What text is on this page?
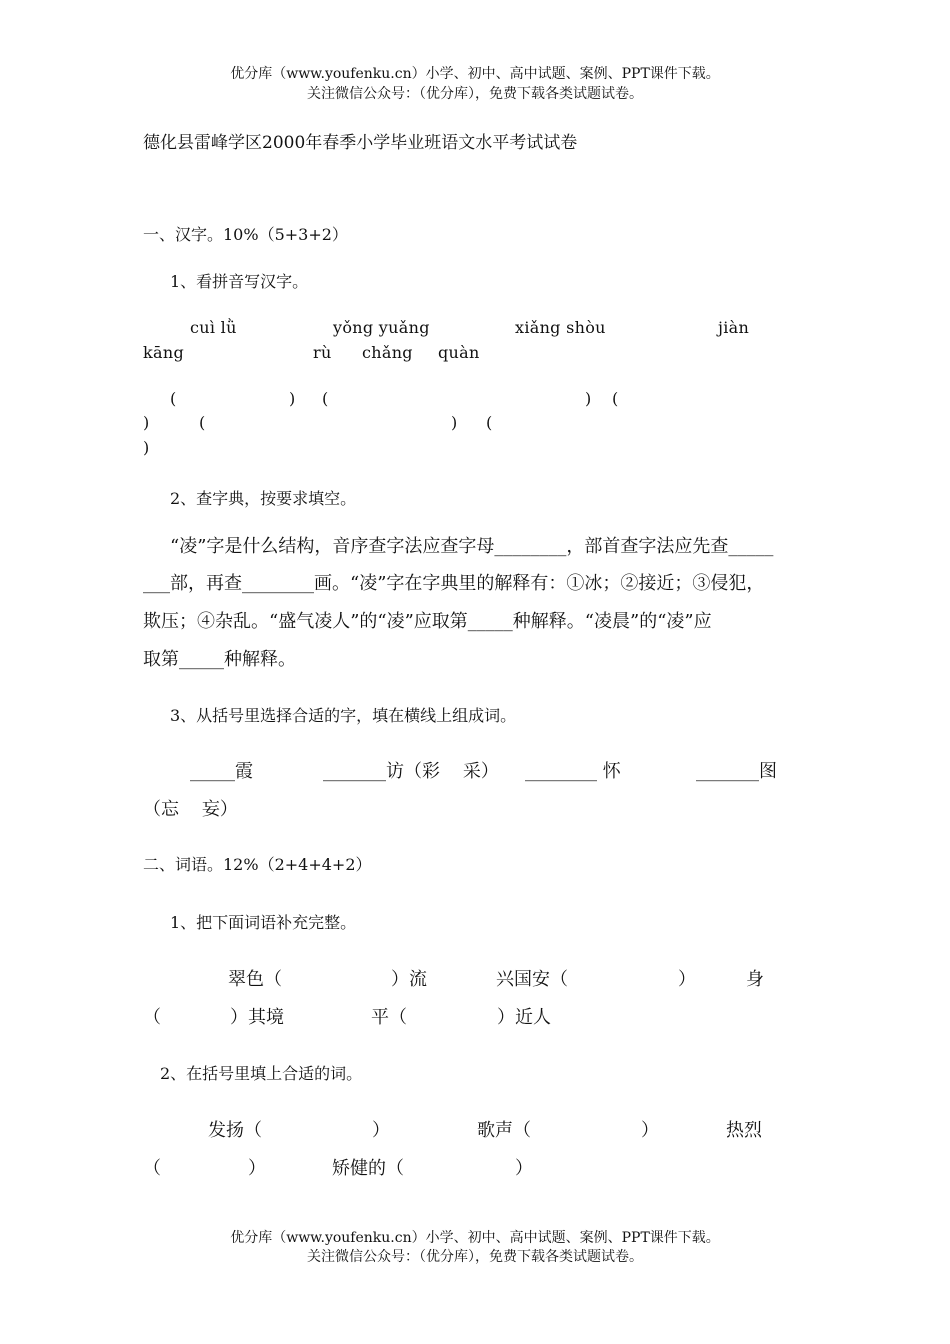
优分库（www.youfenku.cn）小学、初中、高中试题、案例、PPT课件下载。
关注微信公众号：（优分库），免费下载各类试题试卷。
德化县雷峰学区2000年春季小学毕业班语文水平考试试卷
一、汉字。10%（5+3+2）
1、看拼音写汉字。
cuì lǜ	yǒng yuǎng	xiǎng shòu	jiàn
kāng	rù chǎng quàn
(	) (	) (
)	(	) (
)
2、查字典，按要求填空。
“凌”字是什么结构，音序查字法应查字母________，部首查字法应先查_____
___部，再查________画。“凌”字在字典里的解释有：①冰；②接近；③侵犯，
欺压；④杂乱。“盛气凌人”的“凌”应取第_____种解释。“凌晨”的“凌”应
取第_____种解释。
3、从括号里选择合适的字，填在横线上组成词。
_____霞	_______访（彩    采） ________ 怀	_______图
（忘    妄）
二、词语。12%（2+4+4+2）
1、把下面词语补充完整。
翠色（	）流	兴国安（	）	身
（	）其境	平（	）近人
2、在括号里填上合适的词。
发扬（	）	歌声（	）	热烈
（	）	矫健的（	）
优分库（www.youfenku.cn）小学、初中、高中试题、案例、PPT课件下载。
关注微信公众号：（优分库），免费下载各类试题试卷。
